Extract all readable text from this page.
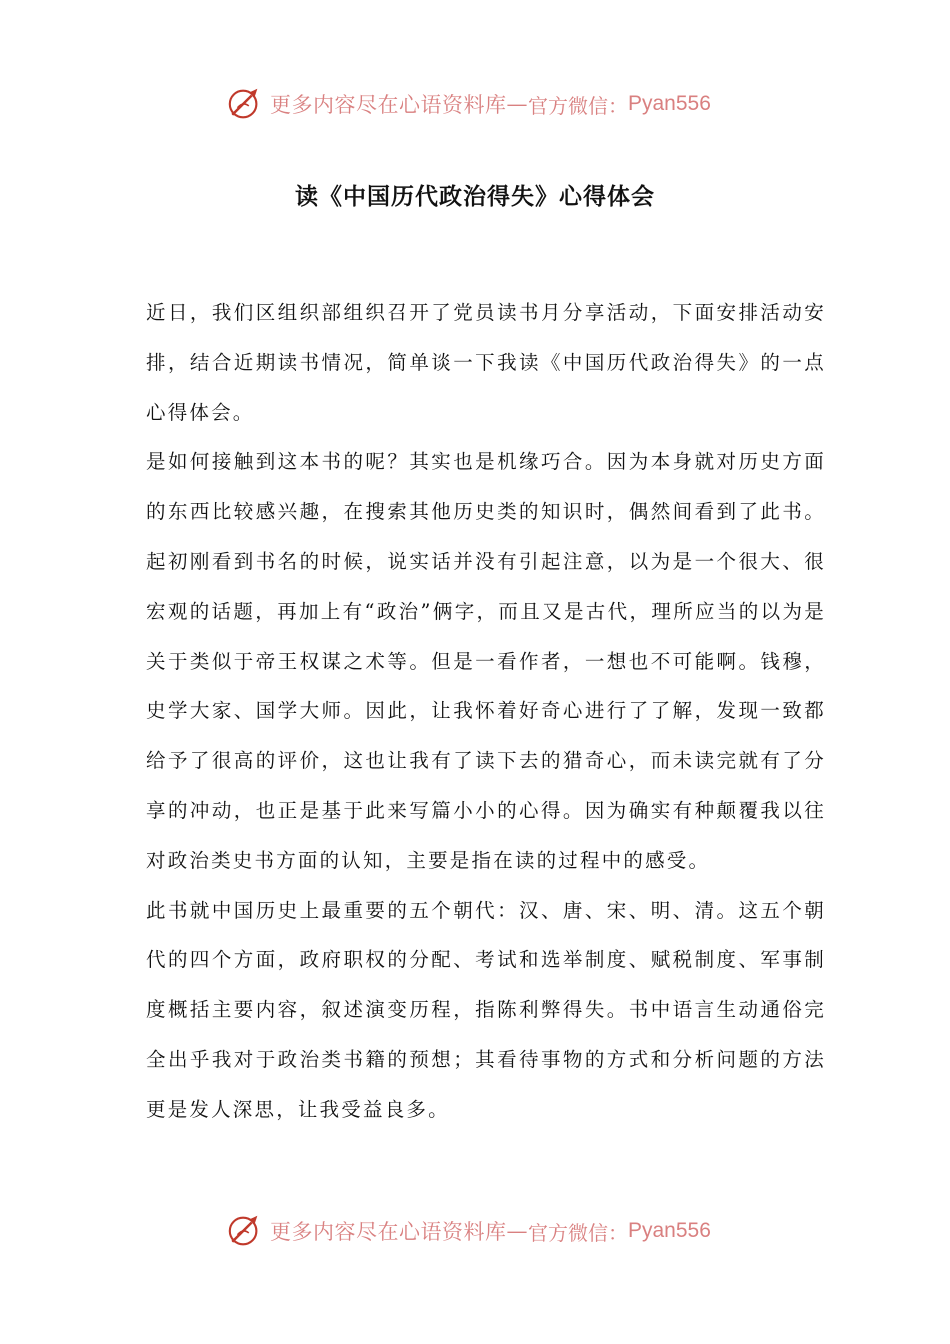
更多内容尽在心语资料库 — 官方微信： Pyan556
读《中国历代政治得失》心得体会

近日，我们区组织部组织召开了党员读书月分享活动，下面安排活动安排，结合近期读书情况，简单谈一下我读《中国历代政治得失》的一点心得体会。

是如何接触到这本书的呢？其实也是机缘巧合。因为本身就对历史方面的东西比较感兴趣，在搜索其他历史类的知识时，偶然间看到了此书。起初刚看到书名的时候，说实话并没有引起注意，以为是一个很大、很宏观的话题，再加上有“政治”俩字，而且又是古代，理所应当的以为是关于类似于帝王权谋之术等。但是一看作者，一想也不可能啊。钱穆，史学大家、国学大师。因此，让我怀着好奇心进行了了解，发现一致都给予了很高的评价，这也让我有了读下去的猎奇心，而未读完就有了分享的冲动，也正是基于此来写篇小小的心得。因为确实有种颠覆我以往对政治类史书方面的认知，主要是指在读的过程中的感受。

此书就中国历史上最重要的五个朝代：汉、唐、宋、明、清。这五个朝代的四个方面，政府职权的分配、考试和选举制度、赋税制度、军事制度概括主要内容，叙述演变历程，指陈利弊得失。书中语言生动通俗完全出乎我对于政治类书籍的预想；其看待事物的方式和分析问题的方法更是发人深思，让我受益良多。

更多内容尽在心语资料库 — 官方微信： Pyan556
